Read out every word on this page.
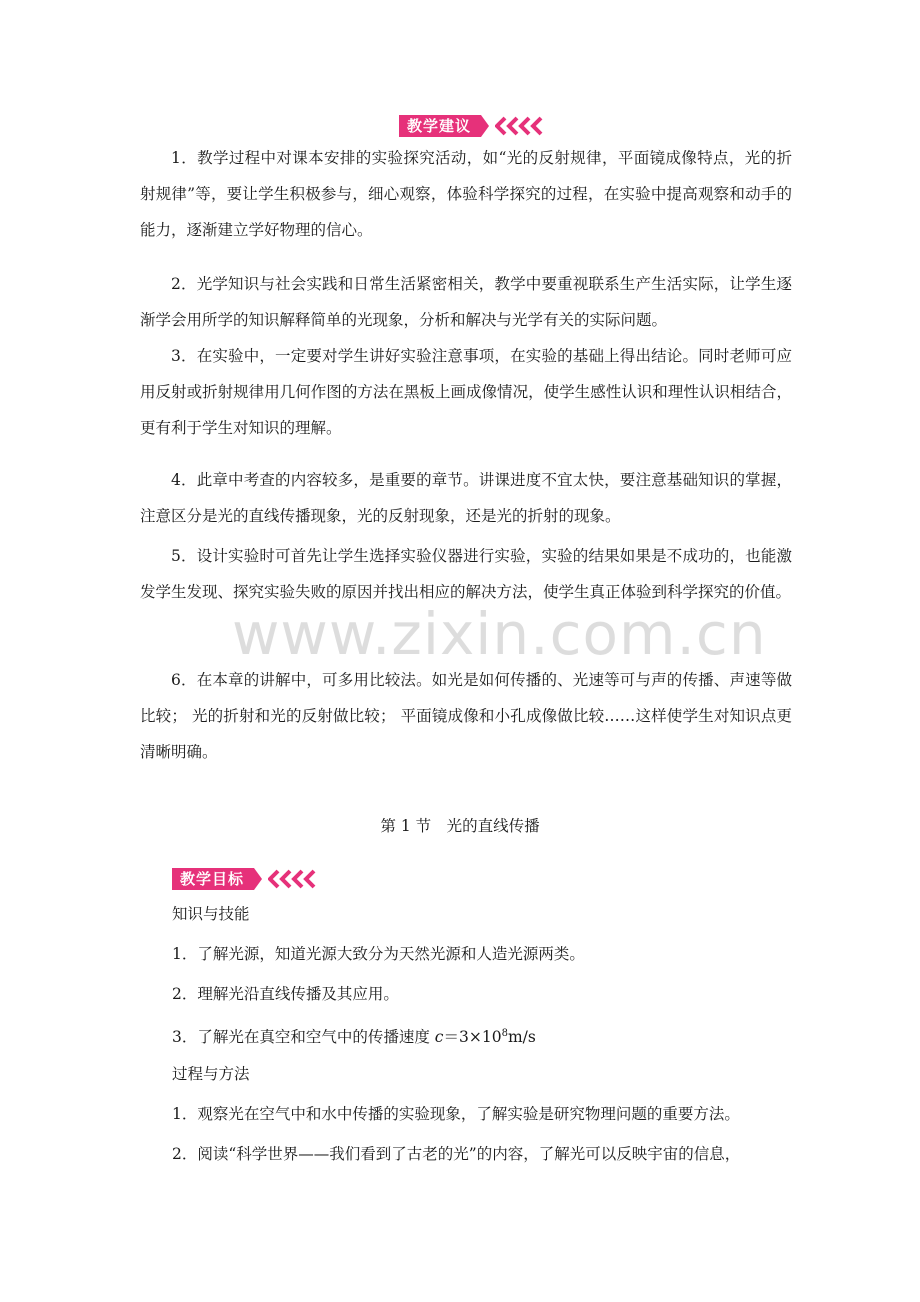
教学建议

1．教学过程中对课本安排的实验探究活动，如“光的反射规律，平面镜成像特点，光的折射规律”等，要让学生积极参与，细心观察，体验科学探究的过程，在实验中提高观察和动手的能力，逐渐建立学好物理的信心。

2．光学知识与社会实践和日常生活紧密相关，教学中要重视联系生产生活实际，让学生逐渐学会用所学的知识解释简单的光现象，分析和解决与光学有关的实际问题。

3．在实验中，一定要对学生讲好实验注意事项，在实验的基础上得出结论。同时老师可应用反射或折射规律用几何作图的方法在黑板上画成像情况，使学生感性认识和理性认识相结合，更有利于学生对知识的理解。

4．此章中考查的内容较多，是重要的章节。讲课进度不宜太快，要注意基础知识的掌握，注意区分是光的直线传播现象，光的反射现象，还是光的折射的现象。

5．设计实验时可首先让学生选择实验仪器进行实验，实验的结果如果是不成功的，也能激发学生发现、探究实验失败的原因并找出相应的解决方法，使学生真正体验到科学探究的价值。

6．在本章的讲解中，可多用比较法。如光是如何传播的、光速等可与声的传播、声速等做比较； 光的折射和光的反射做比较； 平面镜成像和小孔成像做比较……这样使学生对知识点更清晰明确。

第 1 节　光的直线传播
教学目标

知识与技能

1．了解光源，知道光源大致分为天然光源和人造光源两类。

2．理解光沿直线传播及其应用。

3．了解光在真空和空气中的传播速度 $c=3\times 10^8m/s$

过程与方法

1．观察光在空气中和水中传播的实验现象，了解实验是研究物理问题的重要方法。

2．阅读“科学世界——我们看到了古老的光”的内容，了解光可以反映宇宙的信息，

www.zixin.com.cn
